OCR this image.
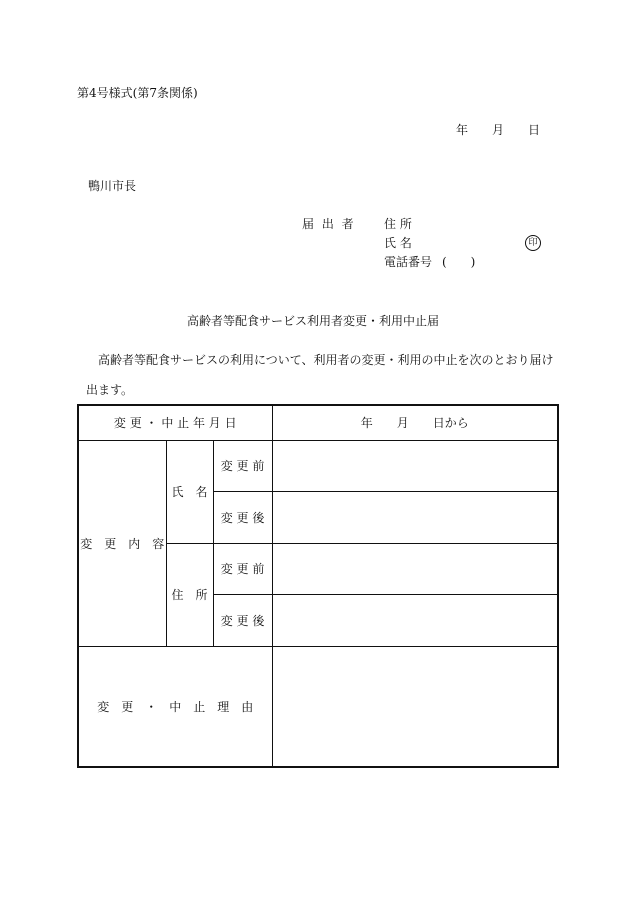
第4号様式(第7条関係)
年 月 日
鴨川市長
届 出 者 住 所
氏 名	印
電話番号 (　　)
高齢者等配食サービス利用者変更・利用中止届
高齢者等配食サービスの利用について、利用者の変更・利用の中止を次のとおり届け
出ます。
変 更 ・ 中 止 年 月 日			年　　月　　日から
変　更　内　容	氏　名	変 更 前	
		変 更 後	
	住　所	変 更 前	
		変 更 後	
変　更　・　中　止　理　由			
